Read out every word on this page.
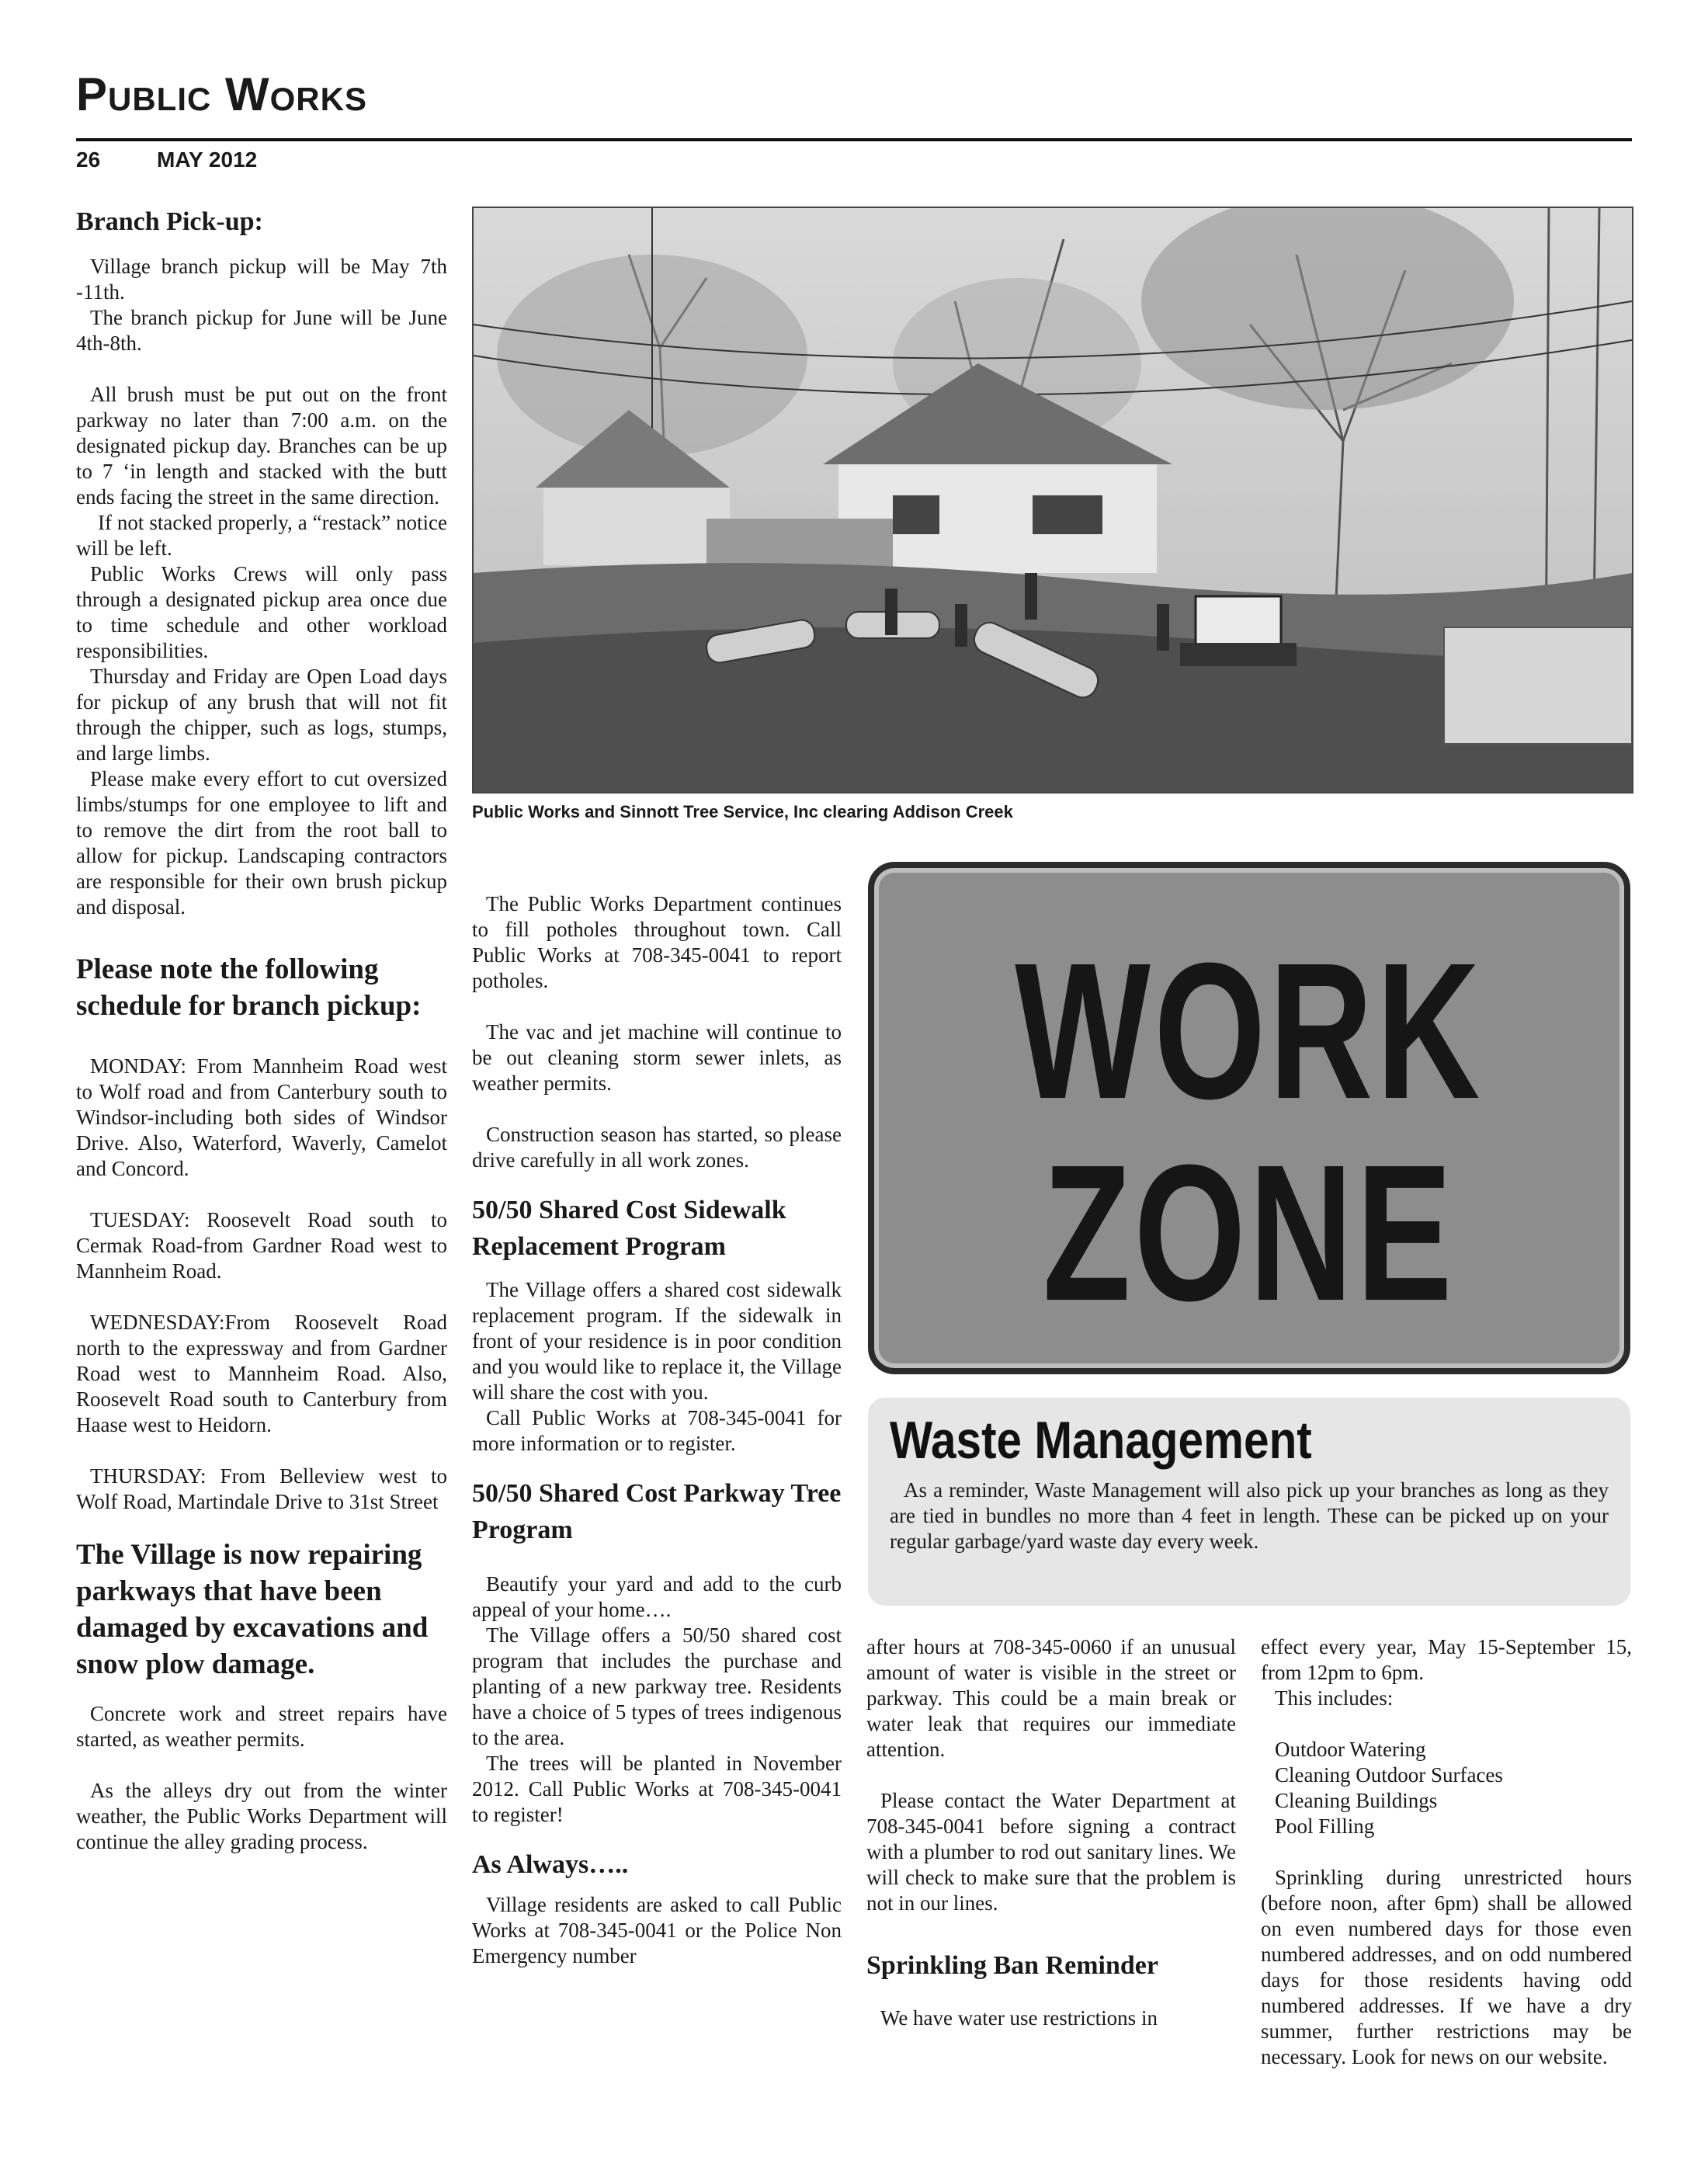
Public Works
26	MAY 2012
Branch Pick-up:

Village branch pickup will be May 7th -11th.

The branch pickup for June will be June 4th-8th.

All brush must be put out on the front parkway no later than 7:00 a.m. on the designated pickup day. Branches can be up to 7 ‘in length and stacked with the butt ends facing the street in the same direction.

If not stacked properly, a “restack” notice will be left.

Public Works Crews will only pass through a designated pickup area once due to time schedule and other workload responsibilities.

Thursday and Friday are Open Load days for pickup of any brush that will not fit through the chipper, such as logs, stumps, and large limbs.

Please make every effort to cut oversized limbs/stumps for one employee to lift and to remove the dirt from the root ball to allow for pickup. Landscaping contractors are responsible for their own brush pickup and disposal.

Please note the following schedule for branch pickup:

MONDAY: From Mannheim Road west to Wolf road and from Canterbury south to Windsor-including both sides of Windsor Drive. Also, Waterford, Waverly, Camelot and Concord.

TUESDAY: Roosevelt Road south to Cermak Road-from Gardner Road west to Mannheim Road.

WEDNESDAY:From Roosevelt Road north to the expressway and from Gardner Road west to Mannheim Road. Also, Roosevelt Road south to Canterbury from Haase west to Heidorn.

THURSDAY: From Belleview west to Wolf Road, Martindale Drive to 31st Street

The Village is now repairing parkways that have been damaged by excavations and snow plow damage.

Concrete work and street repairs have started, as weather permits.

As the alleys dry out from the winter weather, the Public Works Department will continue the alley grading process.

Public Works and Sinnott Tree Service, Inc clearing Addison Creek

The Public Works Department continues to fill potholes throughout town. Call Public Works at 708-345-0041 to report potholes.

The vac and jet machine will continue to be out cleaning storm sewer inlets, as weather permits.

Construction season has started, so please drive carefully in all work zones.

50/50 Shared Cost Sidewalk Replacement Program

The Village offers a shared cost sidewalk replacement program. If the sidewalk in front of your residence is in poor condition and you would like to replace it, the Village will share the cost with you.

Call Public Works at 708-345-0041 for more information or to register.

50/50 Shared Cost Parkway Tree Program

Beautify your yard and add to the curb appeal of your home….

The Village offers a 50/50 shared cost program that includes the purchase and planting of a new parkway tree. Residents have a choice of 5 types of trees indigenous to the area.

The trees will be planted in November 2012. Call Public Works at 708-345-0041 to register!

As Always…..

Village residents are asked to call Public Works at 708-345-0041 or the Police Non Emergency number

WORK
ZONE
Waste Management

As a reminder, Waste Management will also pick up your branches as long as they are tied in bundles no more than 4 feet in length. These can be picked up on your regular garbage/yard waste day every week.

after hours at 708-345-0060 if an unusual amount of water is visible in the street or parkway. This could be a main break or water leak that requires our immediate attention.

Please contact the Water Department at 708-345-0041 before signing a contract with a plumber to rod out sanitary lines. We will check to make sure that the problem is not in our lines.

Sprinkling Ban Reminder

We have water use restrictions in

effect every year, May 15-September 15, from 12pm to 6pm.

This includes:

Outdoor Watering

Cleaning Outdoor Surfaces

Cleaning Buildings

Pool Filling

Sprinkling during unrestricted hours (before noon, after 6pm) shall be allowed on even numbered days for those even numbered addresses, and on odd numbered days for those residents having odd numbered addresses. If we have a dry summer, further restrictions may be necessary. Look for news on our website.
